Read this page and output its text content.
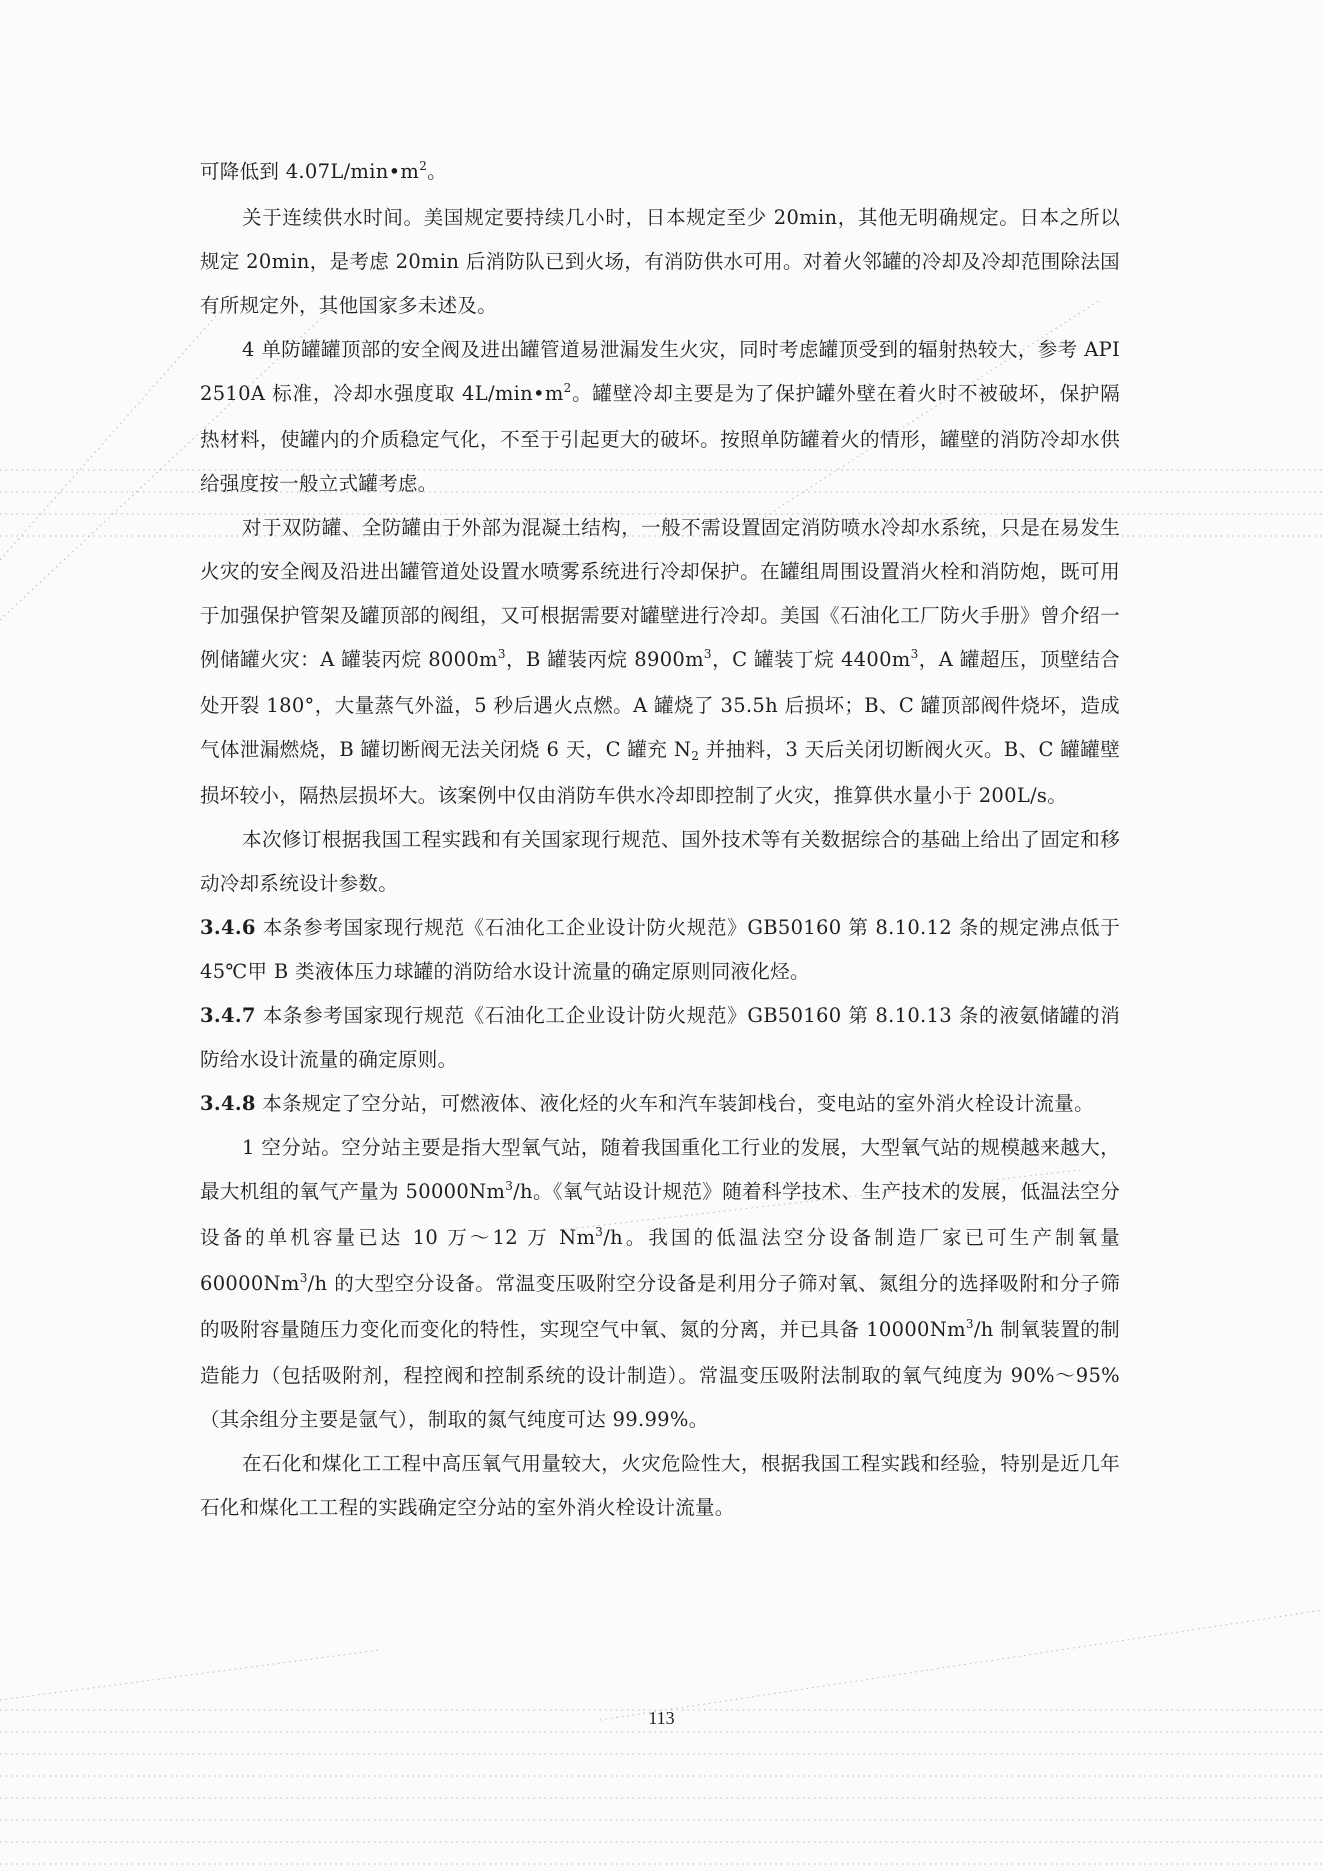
可降低到 $4.07L/\min•m^2$。

关于连续供水时间。美国规定要持续几小时，日本规定至少 20min，其他无明确规定。日本之所以规定 20min，是考虑 20min 后消防队已到火场，有消防供水可用。对着火邻罐的冷却及冷却范围除法国有所规定外，其他国家多未述及。

4 单防罐罐顶部的安全阀及进出罐管道易泄漏发生火灾，同时考虑罐顶受到的辐射热较大，参考 API 2510A 标准，冷却水强度取 $4L/\min•m^2$。罐壁冷却主要是为了保护罐外壁在着火时不被破坏，保护隔热材料，使罐内的介质稳定气化，不至于引起更大的破坏。按照单防罐着火的情形，罐壁的消防冷却水供给强度按一般立式罐考虑。

对于双防罐、全防罐由于外部为混凝土结构，一般不需设置固定消防喷水冷却水系统，只是在易发生火灾的安全阀及沿进出罐管道处设置水喷雾系统进行冷却保护。在罐组周围设置消火栓和消防炮，既可用于加强保护管架及罐顶部的阀组，又可根据需要对罐壁进行冷却。美国《石油化工厂防火手册》曾介绍一例储罐火灾：A 罐装丙烷 $8000m^3$，B 罐装丙烷 $8900m^3$，C 罐装丁烷 $4400m^3$，A 罐超压，顶壁结合处开裂 180°，大量蒸气外溢，5 秒后遇火点燃。A 罐烧了 35.5h 后损坏；B、C 罐顶部阀件烧坏，造成气体泄漏燃烧，B 罐切断阀无法关闭烧 6 天，C 罐充 $N_2$ 并抽料，3 天后关闭切断阀火灭。B、C 罐罐壁损坏较小，隔热层损坏大。该案例中仅由消防车供水冷却即控制了火灾，推算供水量小于 200L/s。

本次修订根据我国工程实践和有关国家现行规范、国外技术等有关数据综合的基础上给出了固定和移动冷却系统设计参数。

3.4.6 本条参考国家现行规范《石油化工企业设计防火规范》GB50160 第 8.10.12 条的规定沸点低于 45℃甲 B 类液体压力球罐的消防给水设计流量的确定原则同液化烃。

3.4.7 本条参考国家现行规范《石油化工企业设计防火规范》GB50160 第 8.10.13 条的液氨储罐的消防给水设计流量的确定原则。

3.4.8 本条规定了空分站，可燃液体、液化烃的火车和汽车装卸栈台，变电站的室外消火栓设计流量。

1 空分站。空分站主要是指大型氧气站，随着我国重化工行业的发展，大型氧气站的规模越来越大，最大机组的氧气产量为 50000Nm$^3$/h。《氧气站设计规范》随着科学技术、生产技术的发展，低温法空分设备的单机容量已达 10 万～12 万 Nm$^3$/h。我国的低温法空分设备制造厂家已可生产制氧量 60000Nm$^3$/h 的大型空分设备。常温变压吸附空分设备是利用分子筛对氧、氮组分的选择吸附和分子筛的吸附容量随压力变化而变化的特性，实现空气中氧、氮的分离，并已具备 10000Nm$^3$/h 制氧装置的制造能力（包括吸附剂，程控阀和控制系统的设计制造）。常温变压吸附法制取的氧气纯度为 90%～95%（其余组分主要是氩气），制取的氮气纯度可达 99.99%。

在石化和煤化工工程中高压氧气用量较大，火灾危险性大，根据我国工程实践和经验，特别是近几年石化和煤化工工程的实践确定空分站的室外消火栓设计流量。

113
